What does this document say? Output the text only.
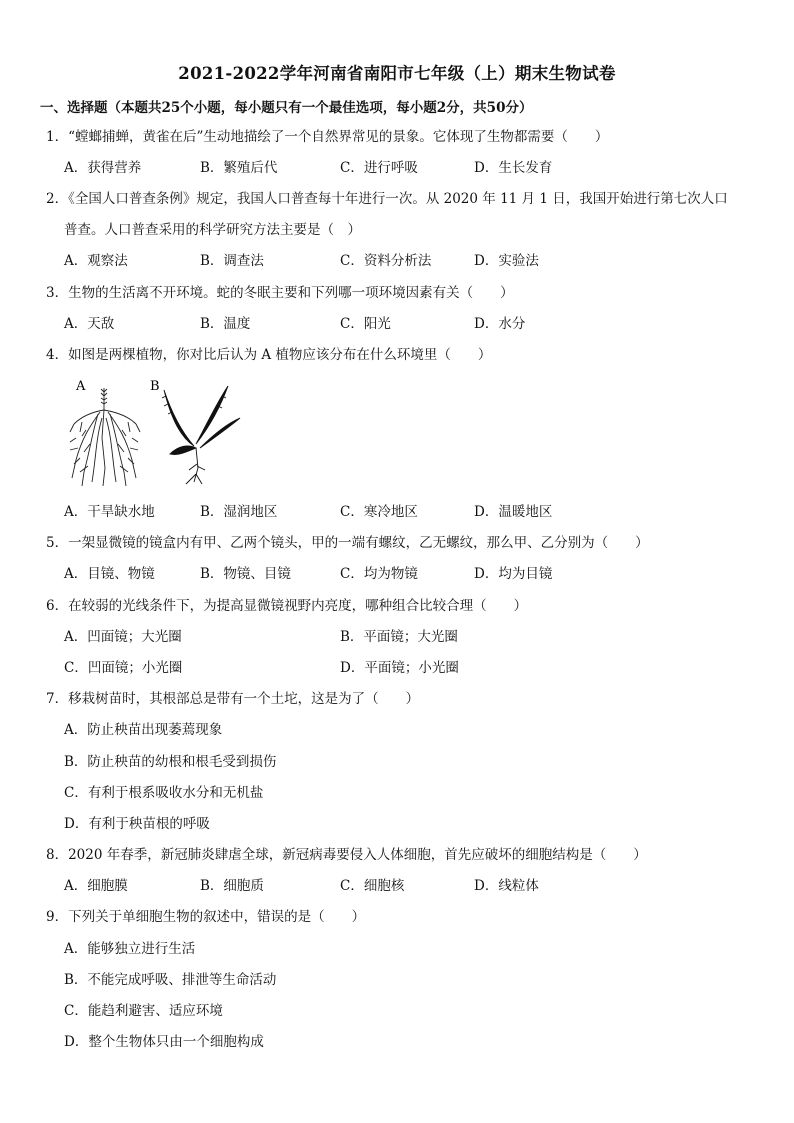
2021-2022学年河南省南阳市七年级（上）期末生物试卷
一、选择题（本题共25个小题，每小题只有一个最佳选项，每小题2分，共50分）
1．“螳螂捕蝉，黄雀在后”生动地描绘了一个自然界常见的景象。它体现了生物都需要（　　）
A．获得营养	B．繁殖后代	C．进行呼吸	D．生长发育
2．《全国人口普查条例》规定，我国人口普查每十年进行一次。从 2020 年 11 月 1 日，我国开始进行第七次人口
普查。人口普查采用的科学研究方法主要是（　）
A．观察法	B．调查法	C．资料分析法	D．实验法
3．生物的生活离不开环境。蛇的冬眠主要和下列哪一项环境因素有关（　　）
A．天敌	B．温度	C．阳光	D．水分
4．如图是两棵植物，你对比后认为 A 植物应该分布在什么环境里（　　）
A	B
A．干旱缺水地	B．湿润地区	C．寒冷地区	D．温暖地区
5．一架显微镜的镜盒内有甲、乙两个镜头，甲的一端有螺纹，乙无螺纹，那么甲、乙分别为（　　）
A．目镜、物镜	B．物镜、目镜	C．均为物镜	D．均为目镜
6．在较弱的光线条件下，为提高显微镜视野内亮度，哪种组合比较合理（　　）
A．凹面镜；大光圈	B．平面镜；大光圈
C．凹面镜；小光圈	D．平面镜；小光圈
7．移栽树苗时，其根部总是带有一个土坨，这是为了（　　）
A．防止秧苗出现萎蔫现象
B．防止秧苗的幼根和根毛受到损伤
C．有利于根系吸收水分和无机盐
D．有利于秧苗根的呼吸
8．2020 年春季，新冠肺炎肆虐全球，新冠病毒要侵入人体细胞，首先应破坏的细胞结构是（　　）
A．细胞膜	B．细胞质	C．细胞核	D．线粒体
9．下列关于单细胞生物的叙述中，错误的是（　　）
A．能够独立进行生活
B．不能完成呼吸、排泄等生命活动
C．能趋利避害、适应环境
D．整个生物体只由一个细胞构成
